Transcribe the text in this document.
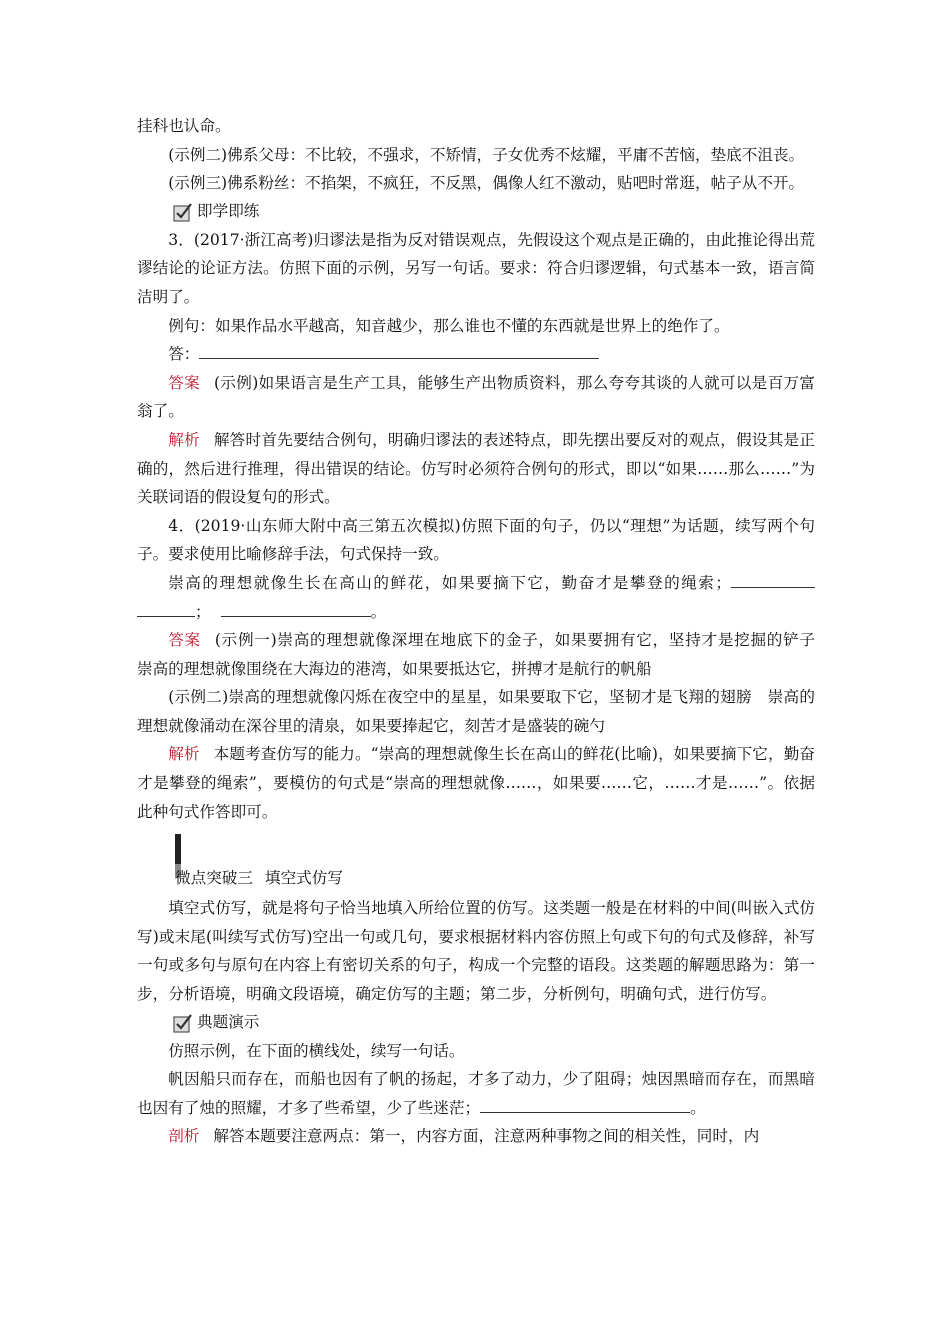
挂科也认命。

(示例二)佛系父母：不比较，不强求，不矫情，子女优秀不炫耀，平庸不苦恼，垫底不沮丧。

(示例三)佛系粉丝：不掐架，不疯狂，不反黑，偶像人红不激动，贴吧时常逛，帖子从不开。

即学即练

3．(2017·浙江高考)归谬法是指为反对错误观点，先假设这个观点是正确的，由此推论得出荒谬结论的论证方法。仿照下面的示例，另写一句话。要求：符合归谬逻辑，句式基本一致，语言简洁明了。

例句：如果作品水平越高，知音越少，那么谁也不懂的东西就是世界上的绝作了。

答：

答案 (示例)如果语言是生产工具，能够生产出物质资料，那么夸夸其谈的人就可以是百万富翁了。

解析 解答时首先要结合例句，明确归谬法的表述特点，即先摆出要反对的观点，假设其是正确的，然后进行推理，得出错误的结论。仿写时必须符合例句的形式，即以“如果……那么……”为关联词语的假设复句的形式。

4．(2019·山东师大附中高三第五次模拟)仿照下面的句子，仍以“理想”为话题，续写两个句子。要求使用比喻修辞手法，句式保持一致。

崇高的理想就像生长在高山的鲜花，如果要摘下它，勤奋才是攀登的绳索；；	。

答案 (示例一)崇高的理想就像深埋在地底下的金子，如果要拥有它，坚持才是挖掘的铲子　崇高的理想就像围绕在大海边的港湾，如果要抵达它，拼搏才是航行的帆船

(示例二)崇高的理想就像闪烁在夜空中的星星，如果要取下它，坚韧才是飞翔的翅膀　崇高的理想就像涌动在深谷里的清泉，如果要捧起它，刻苦才是盛装的碗勺

解析 本题考查仿写的能力。“崇高的理想就像生长在高山的鲜花(比喻)，如果要摘下它，勤奋才是攀登的绳索”，要模仿的句式是“崇高的理想就像……，如果要……它，……才是……”。依据此种句式作答即可。

微点突破三 填空式仿写

填空式仿写，就是将句子恰当地填入所给位置的仿写。这类题一般是在材料的中间(叫嵌入式仿写)或末尾(叫续写式仿写)空出一句或几句，要求根据材料内容仿照上句或下句的句式及修辞，补写一句或多句与原句在内容上有密切关系的句子，构成一个完整的语段。这类题的解题思路为：第一步，分析语境，明确文段语境，确定仿写的主题；第二步，分析例句，明确句式，进行仿写。

典题演示

仿照示例，在下面的横线处，续写一句话。

帆因船只而存在，而船也因有了帆的扬起，才多了动力，少了阻碍；烛因黑暗而存在，而黑暗也因有了烛的照耀，才多了些希望，少了些迷茫；	。

剖析 解答本题要注意两点：第一，内容方面，注意两种事物之间的相关性，同时，内
